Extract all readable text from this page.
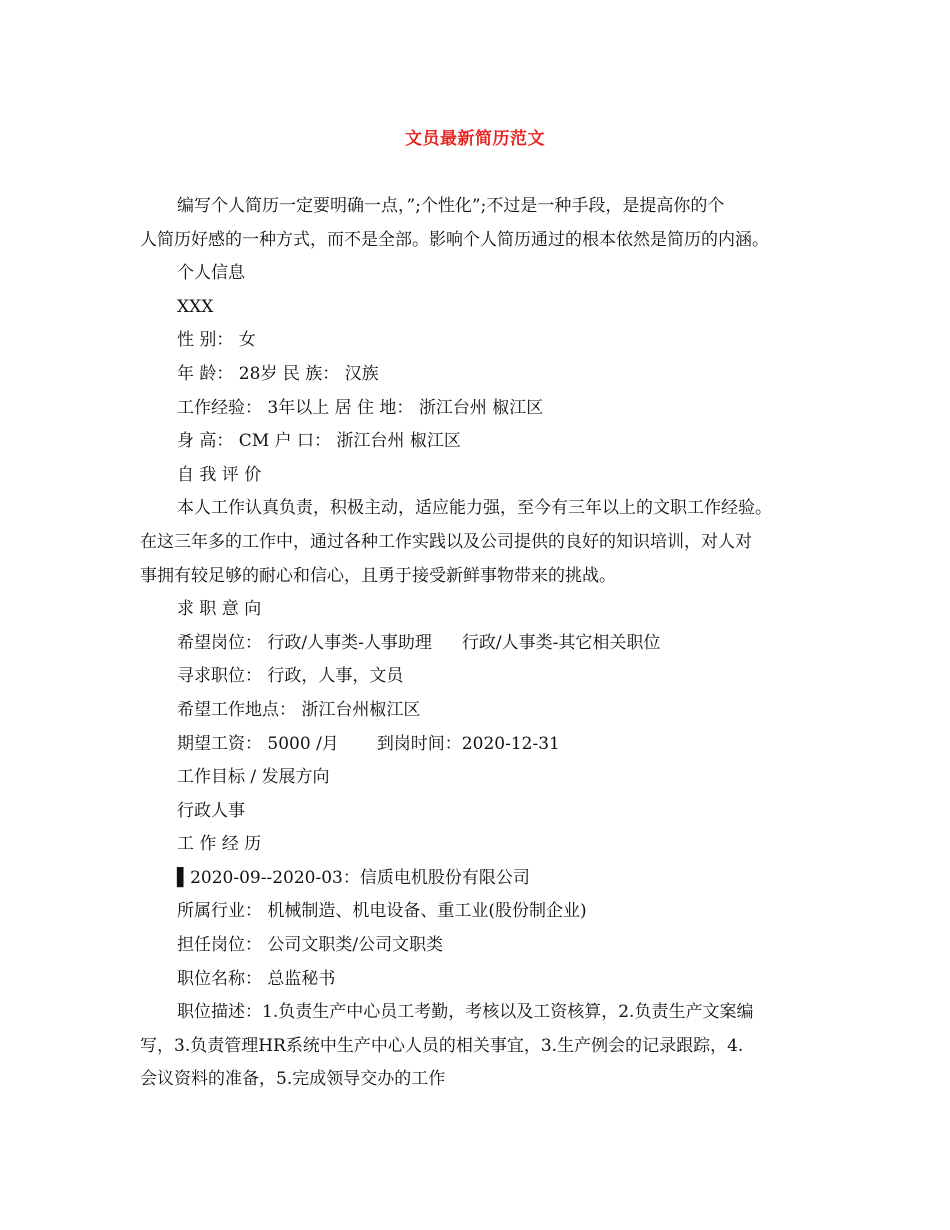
文员最新简历范文
编写个人简历一定要明确一点，”;个性化”;不过是一种手段，是提高你的个
人简历好感的一种方式，而不是全部。影响个人简历通过的根本依然是简历的内涵。
个人信息
XXX
性 别： 女
年 龄： 28岁 民 族： 汉族
工作经验： 3年以上 居 住 地： 浙江台州 椒江区
身 高： CM 户 口： 浙江台州 椒江区
自 我 评 价
本人工作认真负责，积极主动，适应能力强，至今有三年以上的文职工作经验。
在这三年多的工作中，通过各种工作实践以及公司提供的良好的知识培训，对人对
事拥有较足够的耐心和信心，且勇于接受新鲜事物带来的挑战。
求 职 意 向
希望岗位： 行政/人事类-人事助理 行政/人事类-其它相关职位
寻求职位： 行政，人事，文员
希望工作地点： 浙江台州椒江区
期望工资： 5000 /月 到岗时间：2020-12-31
工作目标 / 发展方向
行政人事
工 作 经 历
▌2020-09--2020-03：信质电机股份有限公司
所属行业： 机械制造、机电设备、重工业(股份制企业)
担任岗位： 公司文职类/公司文职类
职位名称： 总监秘书
职位描述：1.负责生产中心员工考勤，考核以及工资核算，2.负责生产文案编
写，3.负责管理HR系统中生产中心人员的相关事宜，3.生产例会的记录跟踪，4.
会议资料的准备，5.完成领导交办的工作
